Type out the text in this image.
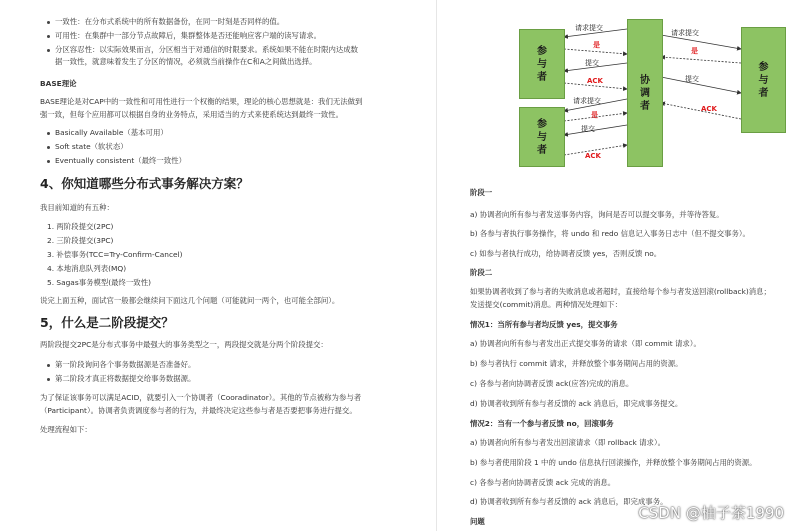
一致性：在分布式系统中的所有数据备份，在同一时刻是否同样的值。
可用性：在集群中一部分节点故障后，集群整体是否还能响应客户端的读写请求。
分区容忍性：以实际效果而言，分区相当于对通信的时限要求。系统如果不能在时限内达成数
据一致性，就意味着发生了分区的情况，必须就当前操作在C和A之间做出选择。
BASE理论
BASE理论是对CAP中的一致性和可用性进行一个权衡的结果，理论的核心思想就是：我们无法做到
强一致，但每个应用都可以根据自身的业务特点，采用适当的方式来使系统达到最终一致性。
Basically Available（基本可用）
Soft state（软状态）
Eventually consistent（最终一致性）
4、你知道哪些分布式事务解决方案？
我目前知道的有五种：
1. 两阶段提交(2PC)
2. 三阶段提交(3PC)
3. 补偿事务(TCC=Try-Confirm-Cancel)
4. 本地消息队列表(MQ)
5. Sagas事务模型(最终一致性)
说完上面五种，面试官一般都会继续问下面这几个问题（可能就问一两个，也可能全部问）。
5，什么是二阶段提交？
两阶段提交2PC是分布式事务中最强大的事务类型之一，两段提交就是分两个阶段提交：
第一阶段询问各个事务数据源是否准备好。
第二阶段才真正将数据提交给事务数据源。
为了保证该事务可以满足ACID，就要引入一个协调者（Cooradinator）。其他的节点被称为参与者
（Participant）。协调者负责调度参与者的行为，并最终决定这些参与者是否要把事务进行提交。
处理流程如下：
参
与
者
参
与
者
协
调
者
参
与
者
请求提交
是
提交
ACK
请求提交
是
提交
ACK
请求提交
是
提交
ACK
阶段一
a) 协调者向所有参与者发送事务内容，询问是否可以提交事务，并等待答复。
b) 各参与者执行事务操作，将 undo 和 redo 信息记入事务日志中（但不提交事务）。
c) 如参与者执行成功，给协调者反馈 yes，否则反馈 no。
阶段二
如果协调者收到了参与者的失败消息或者超时，直接给每个参与者发送回滚(rollback)消息；
发送提交(commit)消息。两种情况处理如下：
情况1：当所有参与者均反馈 yes，提交事务
a) 协调者向所有参与者发出正式提交事务的请求（即 commit 请求）。
b) 参与者执行 commit 请求，并释放整个事务期间占用的资源。
c) 各参与者向协调者反馈 ack(应答)完成的消息。
d) 协调者收到所有参与者反馈的 ack 消息后，即完成事务提交。
情况2：当有一个参与者反馈 no，回滚事务
a) 协调者向所有参与者发出回滚请求（即 rollback 请求）。
b) 参与者使用阶段 1 中的 undo 信息执行回滚操作，并释放整个事务期间占用的资源。
c) 各参与者向协调者反馈 ack 完成的消息。
d) 协调者收到所有参与者反馈的 ack 消息后，即完成事务。
问题	CSDN @柚子茶1990
